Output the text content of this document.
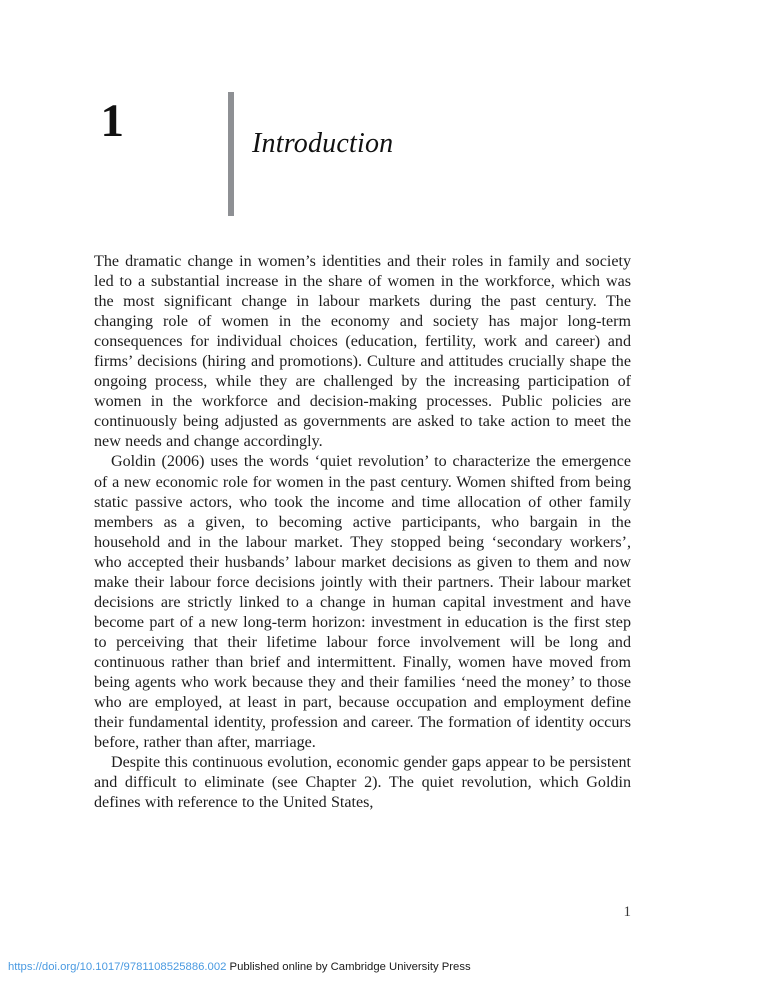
1	Introduction

The dramatic change in women’s identities and their roles in family and society led to a substantial increase in the share of women in the workforce, which was the most significant change in labour markets during the past century. The changing role of women in the economy and society has major long-term consequences for individual choices (education, fertility, work and career) and firms’ decisions (hiring and promotions). Culture and attitudes crucially shape the ongoing process, while they are challenged by the increasing participation of women in the workforce and decision-making processes. Public policies are continuously being adjusted as governments are asked to take action to meet the new needs and change accordingly.

Goldin (2006) uses the words ‘quiet revolution’ to characterize the emergence of a new economic role for women in the past century. Women shifted from being static passive actors, who took the income and time allocation of other family members as a given, to becoming active participants, who bargain in the household and in the labour market. They stopped being ‘secondary workers’, who accepted their husbands’ labour market decisions as given to them and now make their labour force decisions jointly with their partners. Their labour market decisions are strictly linked to a change in human capital investment and have become part of a new long-term horizon: investment in education is the first step to perceiving that their lifetime labour force involvement will be long and continuous rather than brief and intermittent. Finally, women have moved from being agents who work because they and their families ‘need the money’ to those who are employed, at least in part, because occupation and employment define their fundamental identity, profession and career. The formation of identity occurs before, rather than after, marriage.

Despite this continuous evolution, economic gender gaps appear to be persistent and difficult to eliminate (see Chapter 2). The quiet revolution, which Goldin defines with reference to the United States,

1
https://doi.org/10.1017/9781108525886.002 Published online by Cambridge University Press
